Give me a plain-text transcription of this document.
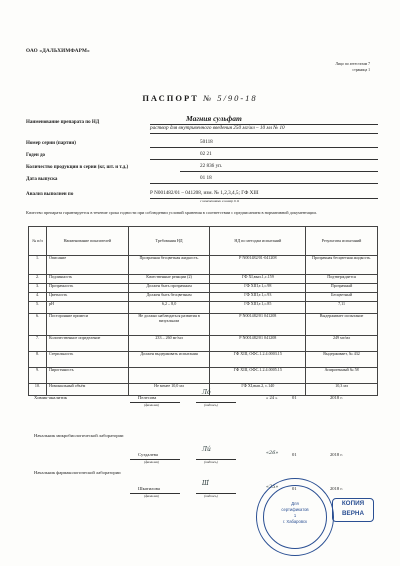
ОАО «ДАЛЬХИМФАРМ»
Лицо по аттестатам 7
страница 1
ПАСПОРТ № 5/90-18
Наименование препарата по НД	Магния сульфат
раствор для внутривенного введения 250 мг/мл – 10 мл № 10
Номер серии (партии)	50118
Годен до	02 21
Количество продукции в серии (кг, шт. и т.д.)	22 836 уп.
Дата выпуска	01 18
Анализ выполнен по	Р N001482/01 – 041208, изм. № 1,2,3,4,5; ГФ XIII
с изменениями и номер 0.11
Качество препарата гарантируется в течение срока годности при соблюдении условий хранения в соответствии с предписанием в нормативной документации.
№ п/п	Наименование показателей	Требования НД	НД по методам испытаний	Результаты испытаний
1.	Описание	Прозрачная бесцветная жидкость.	Р N001482/01-041208	Прозрачная бесцветная жидкость.
2.	Подлинность	Качественные реакции (2)	ГФ XI,вып.1,с.159	Подтверждается
3.	Прозрачность	Должен быть прозрачным	ГФ XIII,т.1,с.98	Прозрачный
4.	Цветность	Должен быть бесцветным	ГФ XIII,т.1,с.93	Бесцветный
5.	pH	6,2 – 8,0	ГФ XIII,т.1,с.85	7,11
6.	Посторонние примеси	Не должно наблюдаться развития в визуальном	Р N001482/01 041208	Выдерживает испытание
7.	Количественное определение	233 – 260 мг/мл	Р N001482/01 041208	249 мг/мл
8.	Стерильность	Должен выдерживать испытания	ГФ XIII, ОФС.1.2.4.0003.15	Выдерживает, № 432
9.	Пирогенность		ГФ XIII, ОФС.1.2.4.0005.15	Апирогенный № 58
10.	Номинальный объём	Не менее 10,0 мл	ГФ XI,вып.2, с.140	10,3 мл
Химик-аналитик	Пелесова
(фамилия)
Ло́
(подпись)
« 24 »	01	2018 г.
Начальник микробиологической лаборатории
Суздалева
(фамилия)
Ли́
(подпись)
«26»	01	2018 г.
Начальник фармакологической лаборатории
Шкатилова
(фамилия)
Ш́
(подпись)
«25»	01	2018 г.
Для
сертификатов
1
г. Хабаровск
КОПИЯ
ВЕРНА
